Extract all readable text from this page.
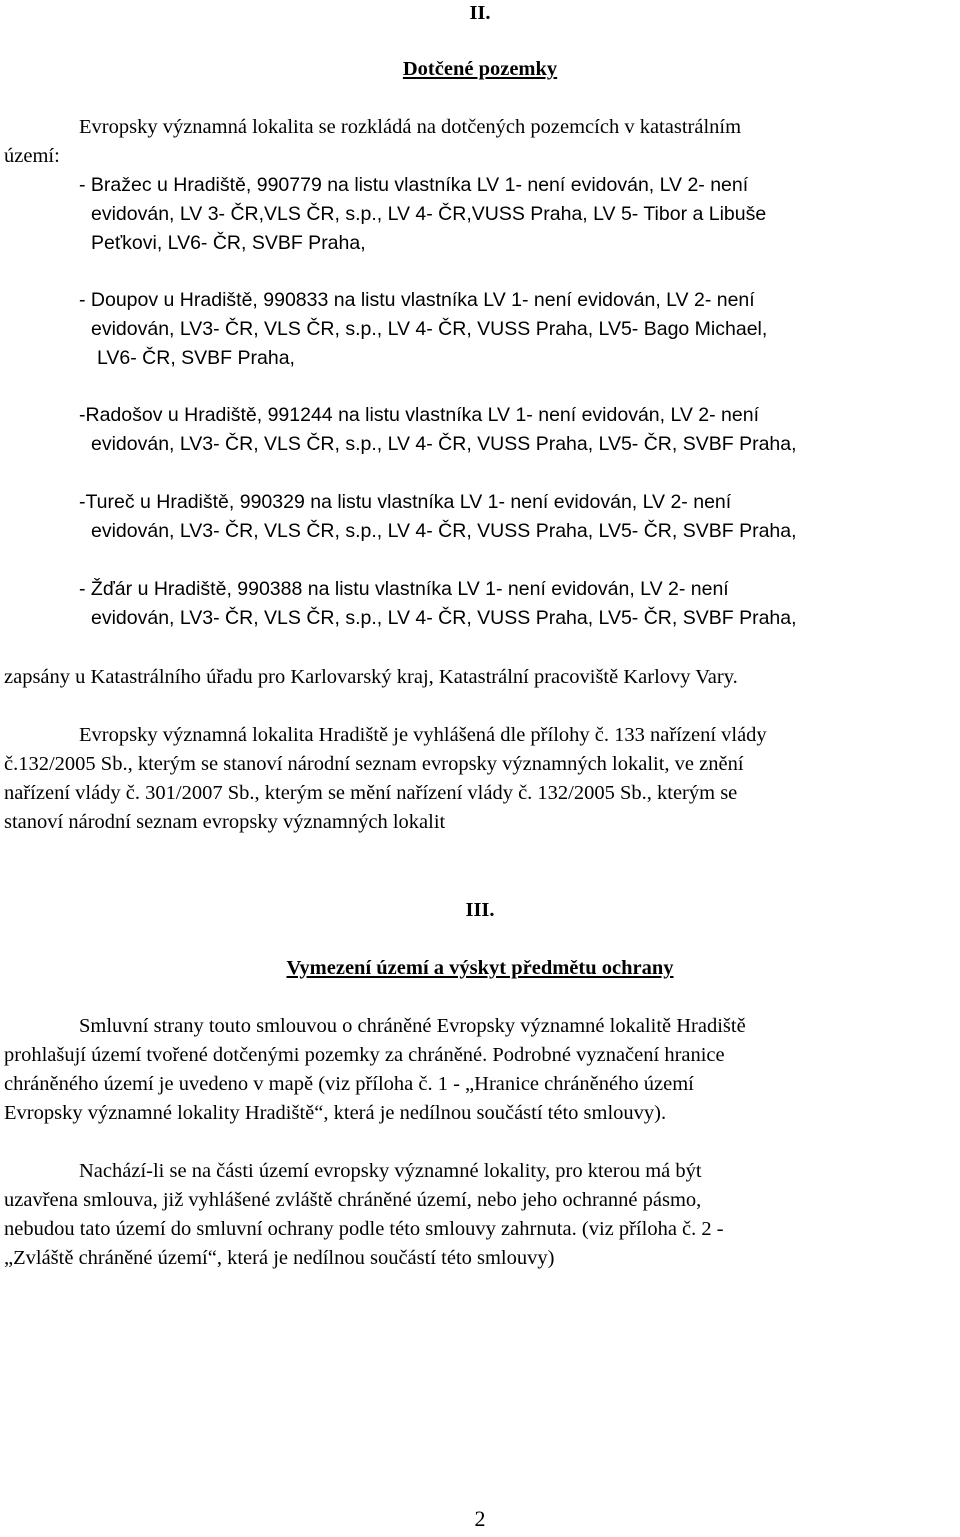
II.
Dotčené pozemky
Evropsky významná lokalita se rozkládá na dotčených pozemcích v katastrálním
území:
- Bražec u Hradiště, 990779 na listu vlastníka LV 1- není evidován, LV 2- není
evidován, LV 3- ČR,VLS ČR, s.p., LV 4- ČR,VUSS Praha, LV 5- Tibor a Libuše
Peťkovi, LV6- ČR, SVBF Praha,
- Doupov u Hradiště, 990833 na listu vlastníka LV 1- není evidován, LV 2- není
evidován, LV3- ČR, VLS ČR, s.p., LV 4- ČR, VUSS Praha, LV5- Bago Michael,
LV6- ČR, SVBF Praha,
-Radošov u Hradiště, 991244 na listu vlastníka LV 1- není evidován, LV 2- není
evidován, LV3- ČR, VLS ČR, s.p., LV 4- ČR, VUSS Praha, LV5- ČR, SVBF Praha,
-Tureč u Hradiště, 990329 na listu vlastníka LV 1- není evidován, LV 2- není
evidován, LV3- ČR, VLS ČR, s.p., LV 4- ČR, VUSS Praha, LV5- ČR, SVBF Praha,
- Žďár u Hradiště, 990388 na listu vlastníka LV 1- není evidován, LV 2- není
evidován, LV3- ČR, VLS ČR, s.p., LV 4- ČR, VUSS Praha, LV5- ČR, SVBF Praha,
zapsány u Katastrálního úřadu pro Karlovarský kraj, Katastrální pracoviště Karlovy Vary.
Evropsky významná lokalita Hradiště je vyhlášená dle přílohy č. 133 nařízení vlády
č.132/2005 Sb., kterým se stanoví národní seznam evropsky významných lokalit, ve znění
nařízení vlády č. 301/2007 Sb., kterým se mění nařízení vlády č. 132/2005 Sb., kterým se
stanoví národní seznam evropsky významných lokalit
III.
Vymezení území a výskyt předmětu ochrany
Smluvní strany touto smlouvou o chráněné Evropsky významné lokalitě Hradiště
prohlašují území tvořené dotčenými pozemky za chráněné. Podrobné vyznačení hranice
chráněného území je uvedeno v mapě (viz příloha č. 1 - „Hranice chráněného území
Evropsky významné lokality Hradiště“, která je nedílnou součástí této smlouvy).
Nachází-li se na části území evropsky významné lokality, pro kterou má být
uzavřena smlouva, již vyhlášené zvláště chráněné území, nebo jeho ochranné pásmo,
nebudou tato území do smluvní ochrany podle této smlouvy zahrnuta. (viz příloha č. 2 -
„Zvláště chráněné území“, která je nedílnou součástí této smlouvy)
2
